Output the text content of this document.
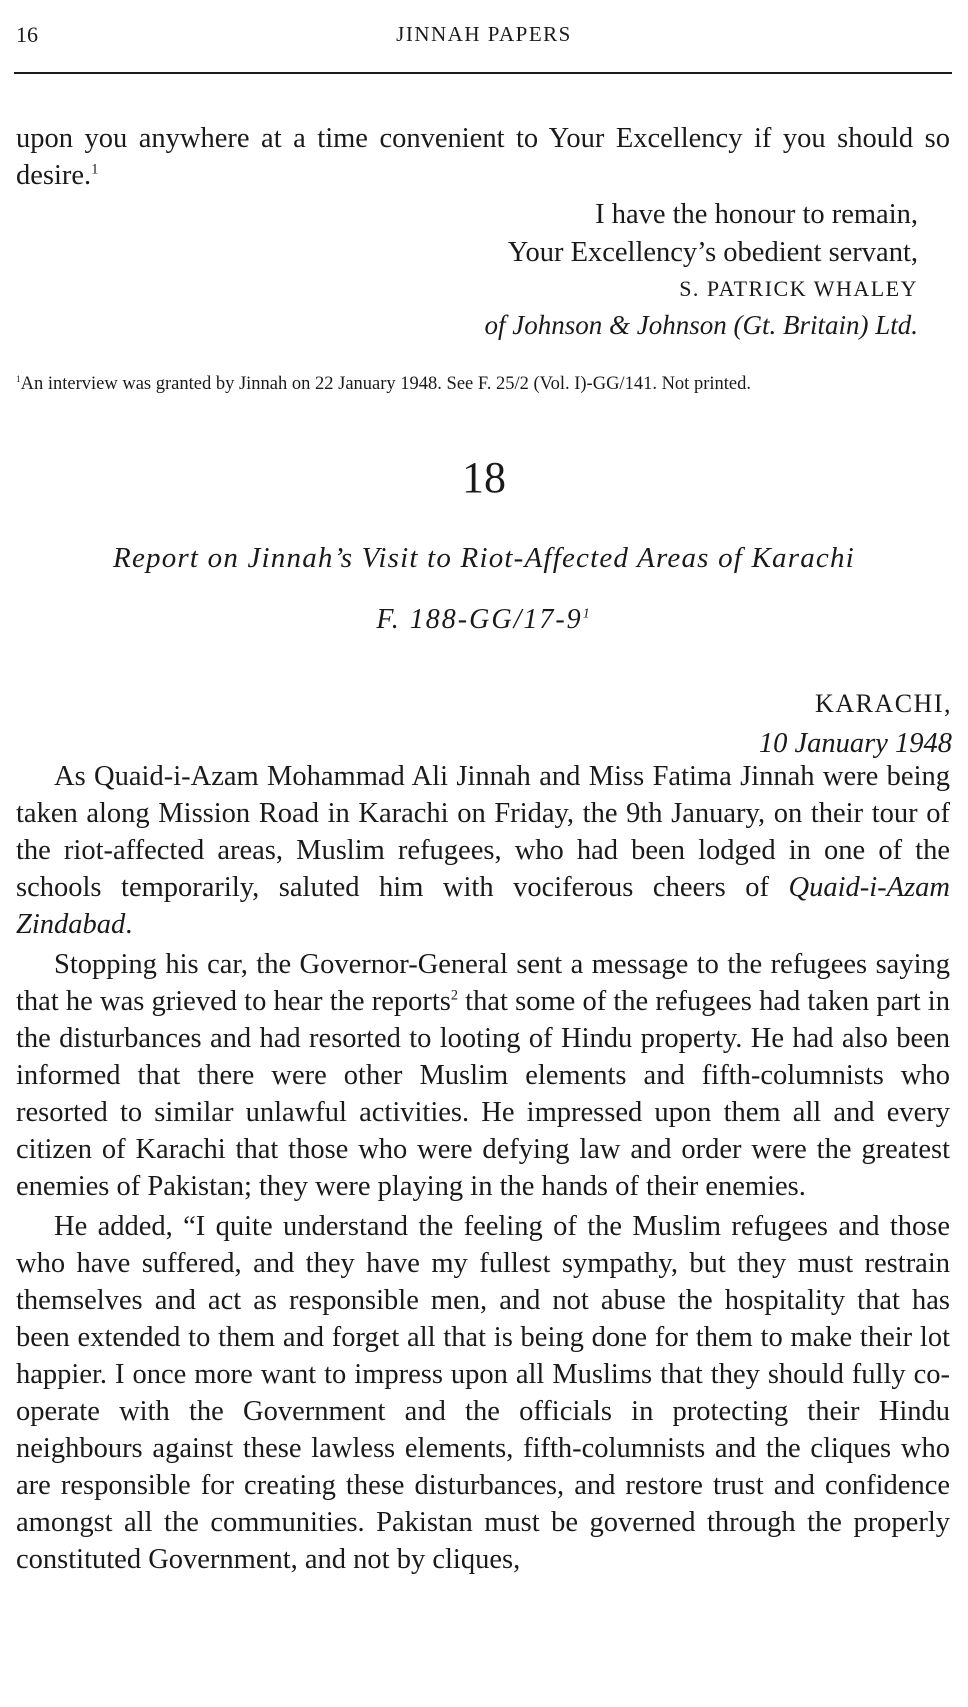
16	JINNAH PAPERS

upon you anywhere at a time convenient to Your Excellency if you should so desire.$^1$

I have the honour to remain,
Your Excellency’s obedient servant,
S. PATRICK WHALEY
of Johnson & Johnson (Gt. Britain) Ltd.
$^1$An interview was granted by Jinnah on 22 January 1948. See F. 25/2 (Vol. I)-GG/141. Not printed.
18
Report on Jinnah’s Visit to Riot-Affected Areas of Karachi
F. $188-GG/17-9^1$
KARACHI,
10 January 1948

As Quaid-i-Azam Mohammad Ali Jinnah and Miss Fatima Jinnah were being taken along Mission Road in Karachi on Friday, the 9th January, on their tour of the riot-affected areas, Muslim refugees, who had been lodged in one of the schools temporarily, saluted him with vociferous cheers of Quaid-i-Azam Zindabad.

Stopping his car, the Governor-General sent a message to the refugees saying that he was grieved to hear the reports$^2$ that some of the refugees had taken part in the disturbances and had resorted to looting of Hindu property. He had also been informed that there were other Muslim elements and fifth-columnists who resorted to similar unlawful activities. He impressed upon them all and every citizen of Karachi that those who were defying law and order were the greatest enemies of Pakistan; they were playing in the hands of their enemies.

He added, “I quite understand the feeling of the Muslim refugees and those who have suffered, and they have my fullest sympathy, but they must restrain themselves and act as responsible men, and not abuse the hospitality that has been extended to them and forget all that is being done for them to make their lot happier. I once more want to impress upon all Muslims that they should fully co-operate with the Government and the officials in protecting their Hindu neighbours against these lawless elements, fifth-columnists and the cliques who are responsible for creating these disturbances, and restore trust and confidence amongst all the communities. Pakistan must be governed through the properly constituted Government, and not by cliques,
